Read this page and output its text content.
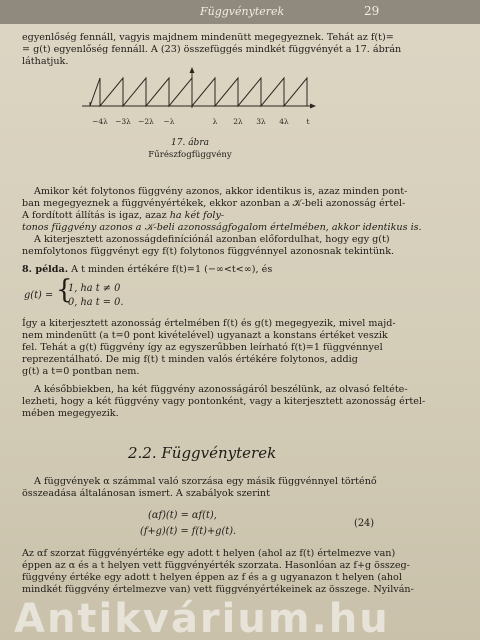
Függvényterek	29
egyenlőség fennáll, vagyis majdnem mindenütt megegyeznek. Tehát az f(t)=
= g(t) egyenlőség fennáll. A (23) összefüggés mindkét függvényét a 17. ábrán
láthatjuk.
−4λ −3λ −2λ −λ	λ 2λ 3λ 4λ t
17. ábra
Fűrészfogfüggvény
Amikor két folytonos függvény azonos, akkor identikus is, azaz minden pont-
ban megegyeznek a függvényértékek, ekkor azonban a 𝒦-beli azonosság értel-
A fordított állítás is igaz, azaz ha két foly-
tonos függvény azonos a 𝒦-beli azonosságfogalom értelmében, akkor identikus is.
A kiterjesztett azonosságdefiníciónál azonban előfordulhat, hogy egy g(t)
nemfolytonos függvényt egy f(t) folytonos függvénnyel azonosnak tekintünk.
8. példa. A t minden értékére f(t)=1 (−∞<t<∞), és
g(t) = {
1, ha t ≠ 0
0, ha t = 0.
Így a kiterjesztett azonosság értelmében f(t) és g(t) megegyezik, mivel majd-
nem mindenütt (a t=0 pont kivételével) ugyanazt a konstans értéket veszik
fel. Tehát a g(t) függvény így az egyszerűbben leírható f(t)=1 függvénnyel
reprezentálható. De mig f(t) t minden valós értékére folytonos, addig
g(t) a t=0 pontban nem.
A későbbiekben, ha két függvény azonosságáról beszélünk, az olvasó feltéte-
lezheti, hogy a két függvény vagy pontonként, vagy a kiterjesztett azonosság értel-
mében megegyezik.
2.2. Függvényterek
A függvények α számmal való szorzása egy másik függvénnyel történő
összeadása általánosan ismert. A szabályok szerint
(αf)(t) = αf(t),
(f+g)(t) = f(t)+g(t).
(24)
Az αf szorzat függvényértéke egy adott t helyen (ahol az f(t) értelmezve van)
éppen az α és a t helyen vett függvényérték szorzata. Hasonlóan az f+g összeg-
függvény értéke egy adott t helyen éppen az f és a g ugyanazon t helyen (ahol
mindkét függvény értelmezve van) vett függvényértékeinek az összege. Nyilván-
Antikvárium.hu
